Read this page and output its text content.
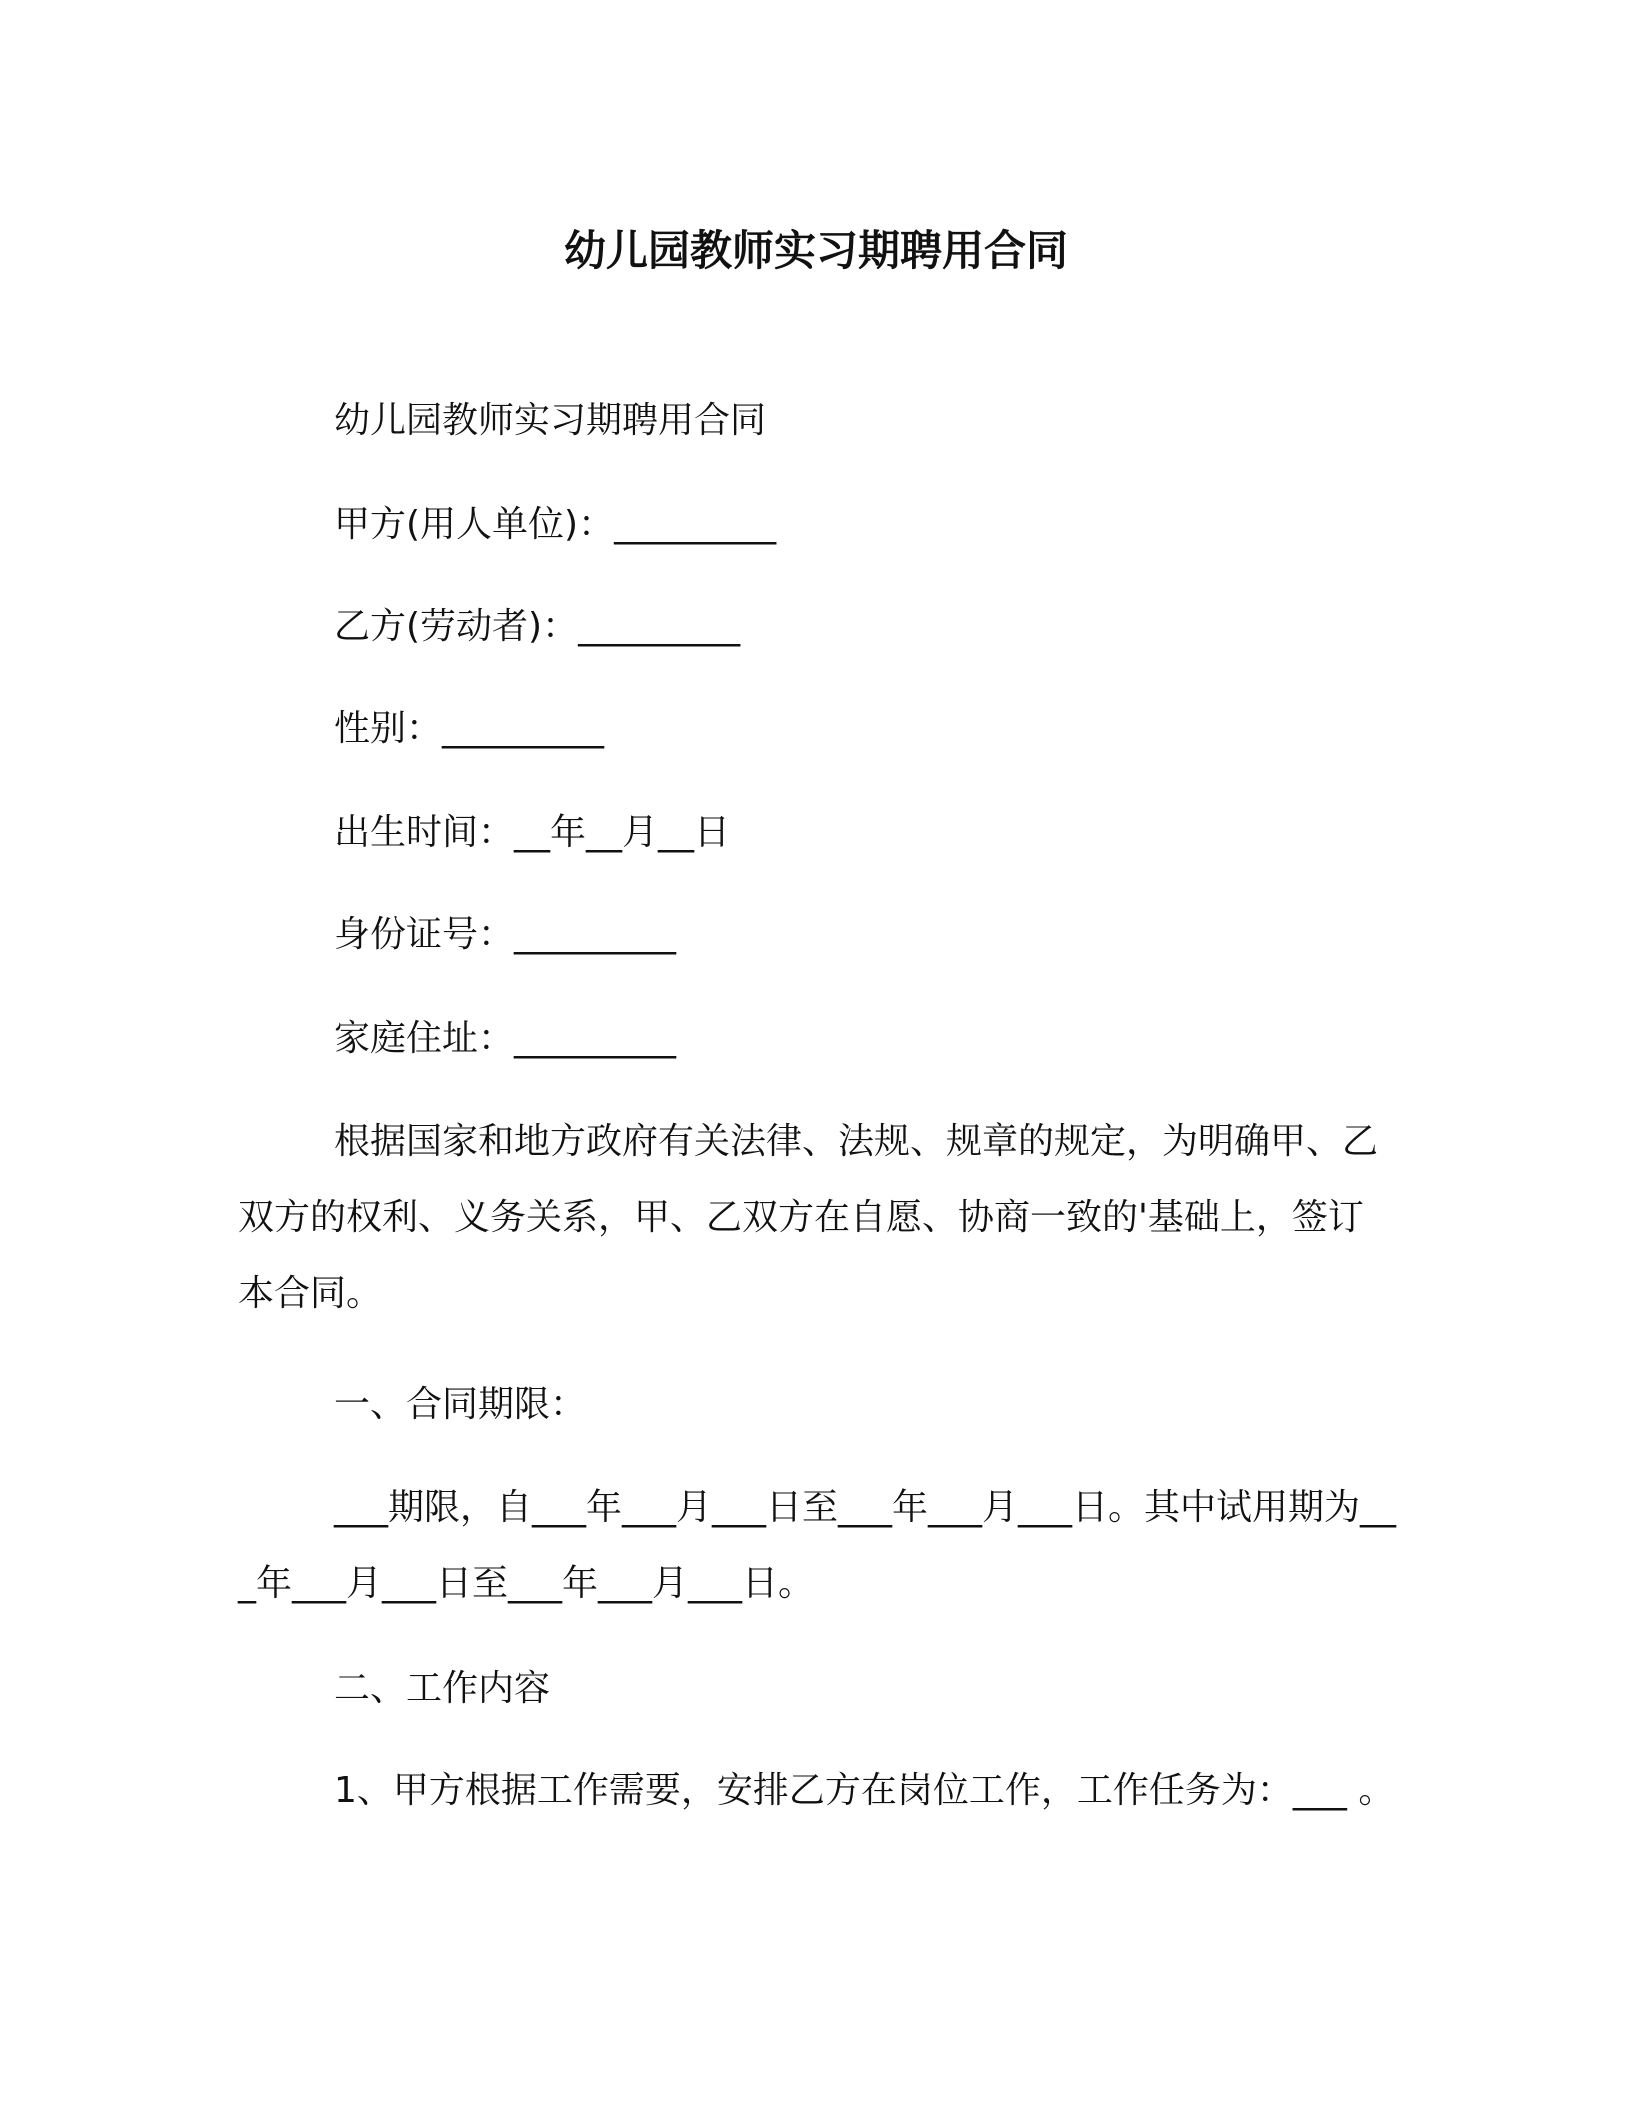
幼儿园教师实习期聘用合同
幼儿园教师实习期聘用合同
甲方(用人单位)：_________
乙方(劳动者)：_________
性别：_________
出生时间：__年__月__日
身份证号：_________
家庭住址：_________
根据国家和地方政府有关法律、法规、规章的规定，为明确甲、乙双方的权利、义务关系，甲、乙双方在自愿、协商一致的'基础上，签订本合同。
一、合同期限：
___期限，自___年___月___日至___年___月___日。其中试用期为___年___月___日至___年___月___日。
二、工作内容
1、甲方根据工作需要，安排乙方在岗位工作，工作任务为：___ 。
